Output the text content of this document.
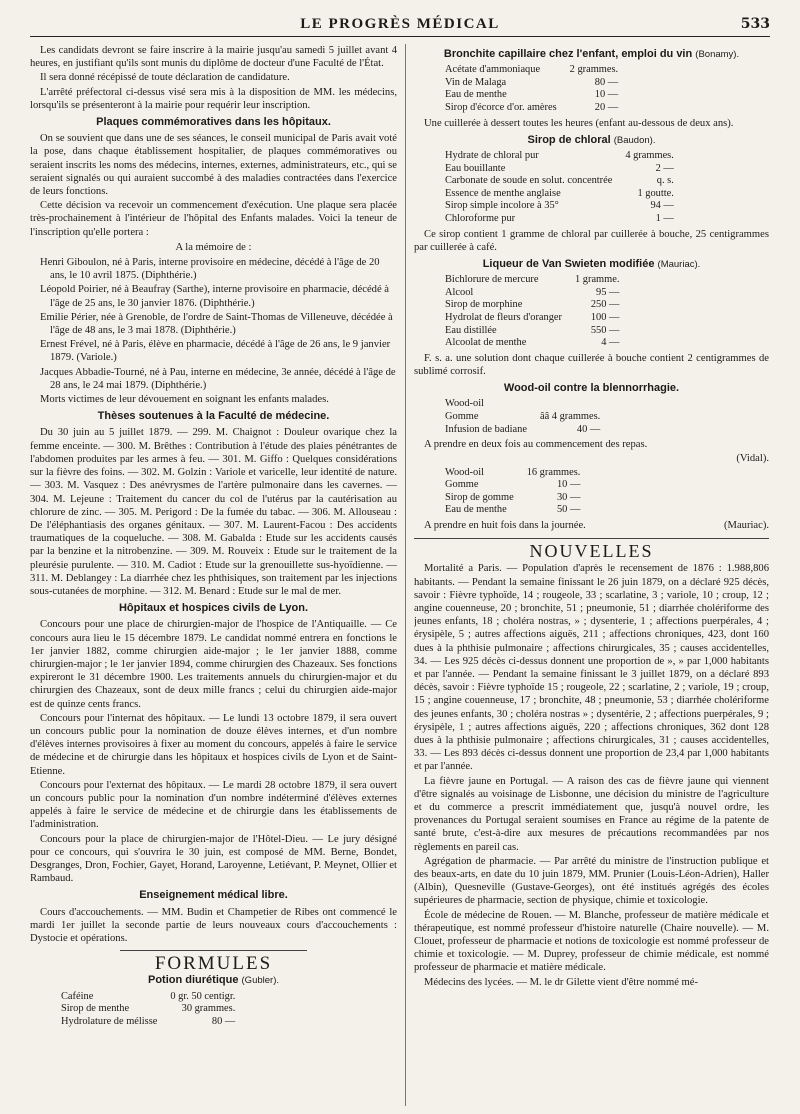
LE PROGRÈS MÉDICAL	533

Les candidats devront se faire inscrire à la mairie jusqu'au samedi 5 juillet avant 4 heures, en justifiant qu'ils sont munis du diplôme de docteur d'une Faculté de l'État.

Il sera donné récépissé de toute déclaration de candidature.

L'arrêté préfectoral ci-dessus visé sera mis à la disposition de MM. les médecins, lorsqu'ils se présenteront à la mairie pour requérir leur inscription.

Plaques commémoratives dans les hôpitaux.

On se souvient que dans une de ses séances, le conseil municipal de Paris avait voté la pose, dans chaque établissement hospitalier, de plaques commémoratives ou seraient inscrits les noms des médecins, internes, externes, administrateurs, etc., qui se seraient signalés ou qui auraient succombé à des maladies contractées dans l'exercice de leurs fonctions.

Cette décision va recevoir un commencement d'exécution. Une plaque sera placée très-prochainement à l'intérieur de l'hôpital des Enfants malades. Voici la teneur de l'inscription qu'elle portera :

A la mémoire de :

Henri Giboulon, né à Paris, interne provisoire en médecine, décédé à l'âge de 20 ans, le 10 avril 1875. (Diphthérie.)

Léopold Poirier, né à Beaufray (Sarthe), interne provisoire en pharmacie, décédé à l'âge de 25 ans, le 30 janvier 1876. (Diphthérie.)

Emilie Périer, née à Grenoble, de l'ordre de Saint-Thomas de Villeneuve, décédée à l'âge de 48 ans, le 3 mai 1878. (Diphthérie.)

Ernest Frével, né à Paris, élève en pharmacie, décédé à l'âge de 26 ans, le 9 janvier 1879. (Variole.)

Jacques Abbadie-Tourné, né à Pau, interne en médecine, 3e année, décédé à l'âge de 28 ans, le 24 mai 1879. (Diphthérie.)

Morts victimes de leur dévouement en soignant les enfants malades.

Thèses soutenues à la Faculté de médecine.

Du 30 juin au 5 juillet 1879. — 299. M. Chaignot : Douleur ovarique chez la femme enceinte. — 300. M. Brêthes : Contribution à l'étude des plaies pénétrantes de l'abdomen produites par les armes à feu. — 301. M. Giffo : Quelques considérations sur la fièvre des foins. — 302. M. Golzin : Variole et varicelle, leur identité de nature. — 303. M. Vasquez : Des anévrysmes de l'artère pulmonaire dans les cavernes. — 304. M. Lejeune : Traitement du cancer du col de l'utérus par la cautérisation au chlorure de zinc. — 305. M. Perigord : De la fumée du tabac. — 306. M. Allouseau : De l'éléphantiasis des organes génitaux. — 307. M. Laurent-Facou : Des accidents traumatiques de la coqueluche. — 308. M. Gabalda : Etude sur les accidents causés par la benzine et la nitrobenzine. — 309. M. Rouveix : Etude sur le traitement de la pleurésie purulente. — 310. M. Cadiot : Etude sur la grenouillette sus-hyoïdienne. — 311. M. Deblangey : La diarrhée chez les phthisiques, son traitement par les injections sous-cutanées de morphine. — 312. M. Benard : Etude sur le mal de mer.

Hôpitaux et hospices civils de Lyon.

Concours pour une place de chirurgien-major de l'hospice de l'Antiquaille. — Ce concours aura lieu le 15 décembre 1879. Le candidat nommé entrera en fonctions le 1er janvier 1882, comme chirurgien aide-major ; le 1er janvier 1888, comme chirurgien-major ; le 1er janvier 1894, comme chirurgien des Chazeaux. Ses fonctions expireront le 31 décembre 1900. Les traitements annuels du chirurgien-major et du chirurgien des Chazeaux, sont de deux mille francs ; celui du chirurgien aide-major est de quinze cents francs.

Concours pour l'internat des hôpitaux. — Le lundi 13 octobre 1879, il sera ouvert un concours public pour la nomination de douze élèves internes, et d'un nombre d'élèves internes provisoires à fixer au moment du concours, appelés à faire le service de médecine et de chirurgie dans les hôpitaux et hospices civils de Lyon et de Saint-Etienne.

Concours pour l'externat des hôpitaux. — Le mardi 28 octobre 1879, il sera ouvert un concours public pour la nomination d'un nombre indéterminé d'élèves externes appelés à faire le service de médecine et de chirurgie dans les établissements de l'administration.

Concours pour la place de chirurgien-major de l'Hôtel-Dieu. — Le jury désigné pour ce concours, qui s'ouvrira le 30 juin, est composé de MM. Berne, Bondet, Desgranges, Dron, Fochier, Gayet, Horand, Laroyenne, Letiévant, P. Meynet, Ollier et Rambaud.

Enseignement médical libre.

Cours d'accouchements. — MM. Budin et Champetier de Ribes ont commencé le mardi 1er juillet la seconde partie de leurs nouveaux cours d'accouchements : Dystocie et opérations.

FORMULES
Potion diurétique (Gubler).
Caféine	0 gr. 50 centigr.
Sirop de menthe	30 grammes.
Hydrolature de mélisse	80 —
Bronchite capillaire chez l'enfant, emploi du vin (Bonamy).
Acétate d'ammoniaque	2 grammes.
Vin de Malaga	80 —
Eau de menthe	10 —
Sirop d'écorce d'or. amères	20 —

Une cuillerée à dessert toutes les heures (enfant au-dessous de deux ans).

Sirop de chloral (Baudon).
Hydrate de chloral pur	4 grammes.
Eau bouillante	2 —
Carbonate de soude en solut. concentrée	q. s.
Essence de menthe anglaise	1 goutte.
Sirop simple incolore à 35°	94 —
Chloroforme pur	1 —

Ce sirop contient 1 gramme de chloral par cuillerée à bouche, 25 centigrammes par cuillerée à café.

Liqueur de Van Swieten modifiée (Mauriac).
Bichlorure de mercure	1 gramme.
Alcool	95 —
Sirop de morphine	250 —
Hydrolat de fleurs d'oranger	100 —
Eau distillée	550 —
Alcoolat de menthe	4 —

F. s. a. une solution dont chaque cuillerée à bouche contient 2 centigrammes de sublimé corrosif.

Wood-oil contre la blennorrhagie.
Wood-oil	
Gomme	ââ 4 grammes.
Infusion de badiane	40 —

A prendre en deux fois au commencement des repas.

(Vidal).

Wood-oil	16 grammes.
Gomme	10 —
Sirop de gomme	30 —
Eau de menthe	50 —

A prendre en huit fois dans la journée.	(Mauriac).

NOUVELLES

Mortalité a Paris. — Population d'après le recensement de 1876 : 1.988,806 habitants. — Pendant la semaine finissant le 26 juin 1879, on a déclaré 925 décès, savoir : Fièvre typhoïde, 14 ; rougeole, 33 ; scarlatine, 3 ; variole, 10 ; croup, 12 ; angine couenneuse, 20 ; bronchite, 51 ; pneumonie, 51 ; diarrhée cholériforme des jeunes enfants, 18 ; choléra nostras, » ; dysenterie, 1 ; affections puerpérales, 4 ; érysipèle, 5 ; autres affections aiguës, 211 ; affections chroniques, 423, dont 160 dues à la phthisie pulmonaire ; affections chirurgicales, 35 ; causes accidentelles, 34. — Les 925 décès ci-dessus donnent une proportion de », » par 1,000 habitants et par l'année. — Pendant la semaine finissant le 3 juillet 1879, on a déclaré 893 décès, savoir : Fièvre typhoïde 15 ; rougeole, 22 ; scarlatine, 2 ; variole, 19 ; croup, 15 ; angine couenneuse, 17 ; bronchite, 48 ; pneumonie, 53 ; diarrhée cholériforme des jeunes enfants, 30 ; choléra nostras » ; dysentérie, 2 ; affections puerpérales, 9 ; érysipèle, 1 ; autres affections aiguës, 220 ; affections chroniques, 362 dont 128 dues à la phthisie pulmonaire ; affections chirurgicales, 31 ; causes accidentelles, 33. — Les 893 décès ci-dessus donnent une proportion de 23,4 par 1,000 habitants et par l'année.

La fièvre jaune en Portugal. — A raison des cas de fièvre jaune qui viennent d'être signalés au voisinage de Lisbonne, une décision du ministre de l'agriculture et du commerce a prescrit immédiatement que, jusqu'à nouvel ordre, les provenances du Portugal seraient soumises en France au régime de la patente de santé brute, c'est-à-dire aux mesures de précautions recommandées par nos règlements en pareil cas.

Agrégation de pharmacie. — Par arrêté du ministre de l'instruction publique et des beaux-arts, en date du 10 juin 1879, MM. Prunier (Louis-Léon-Adrien), Haller (Albin), Quesneville (Gustave-Georges), ont été institués agrégés des écoles supérieures de pharmacie, section de physique, chimie et toxicologie.

École de médecine de Rouen. — M. Blanche, professeur de matière médicale et thérapeutique, est nommé professeur d'histoire naturelle (Chaire nouvelle). — M. Clouet, professeur de pharmacie et notions de toxicologie est nommé professeur de chimie et toxicologie. — M. Duprey, professeur de chimie médicale, est nommé professeur de pharmacie et matière médicale.

Médecins des lycées. — M. le dr Gilette vient d'être nommé mé-
